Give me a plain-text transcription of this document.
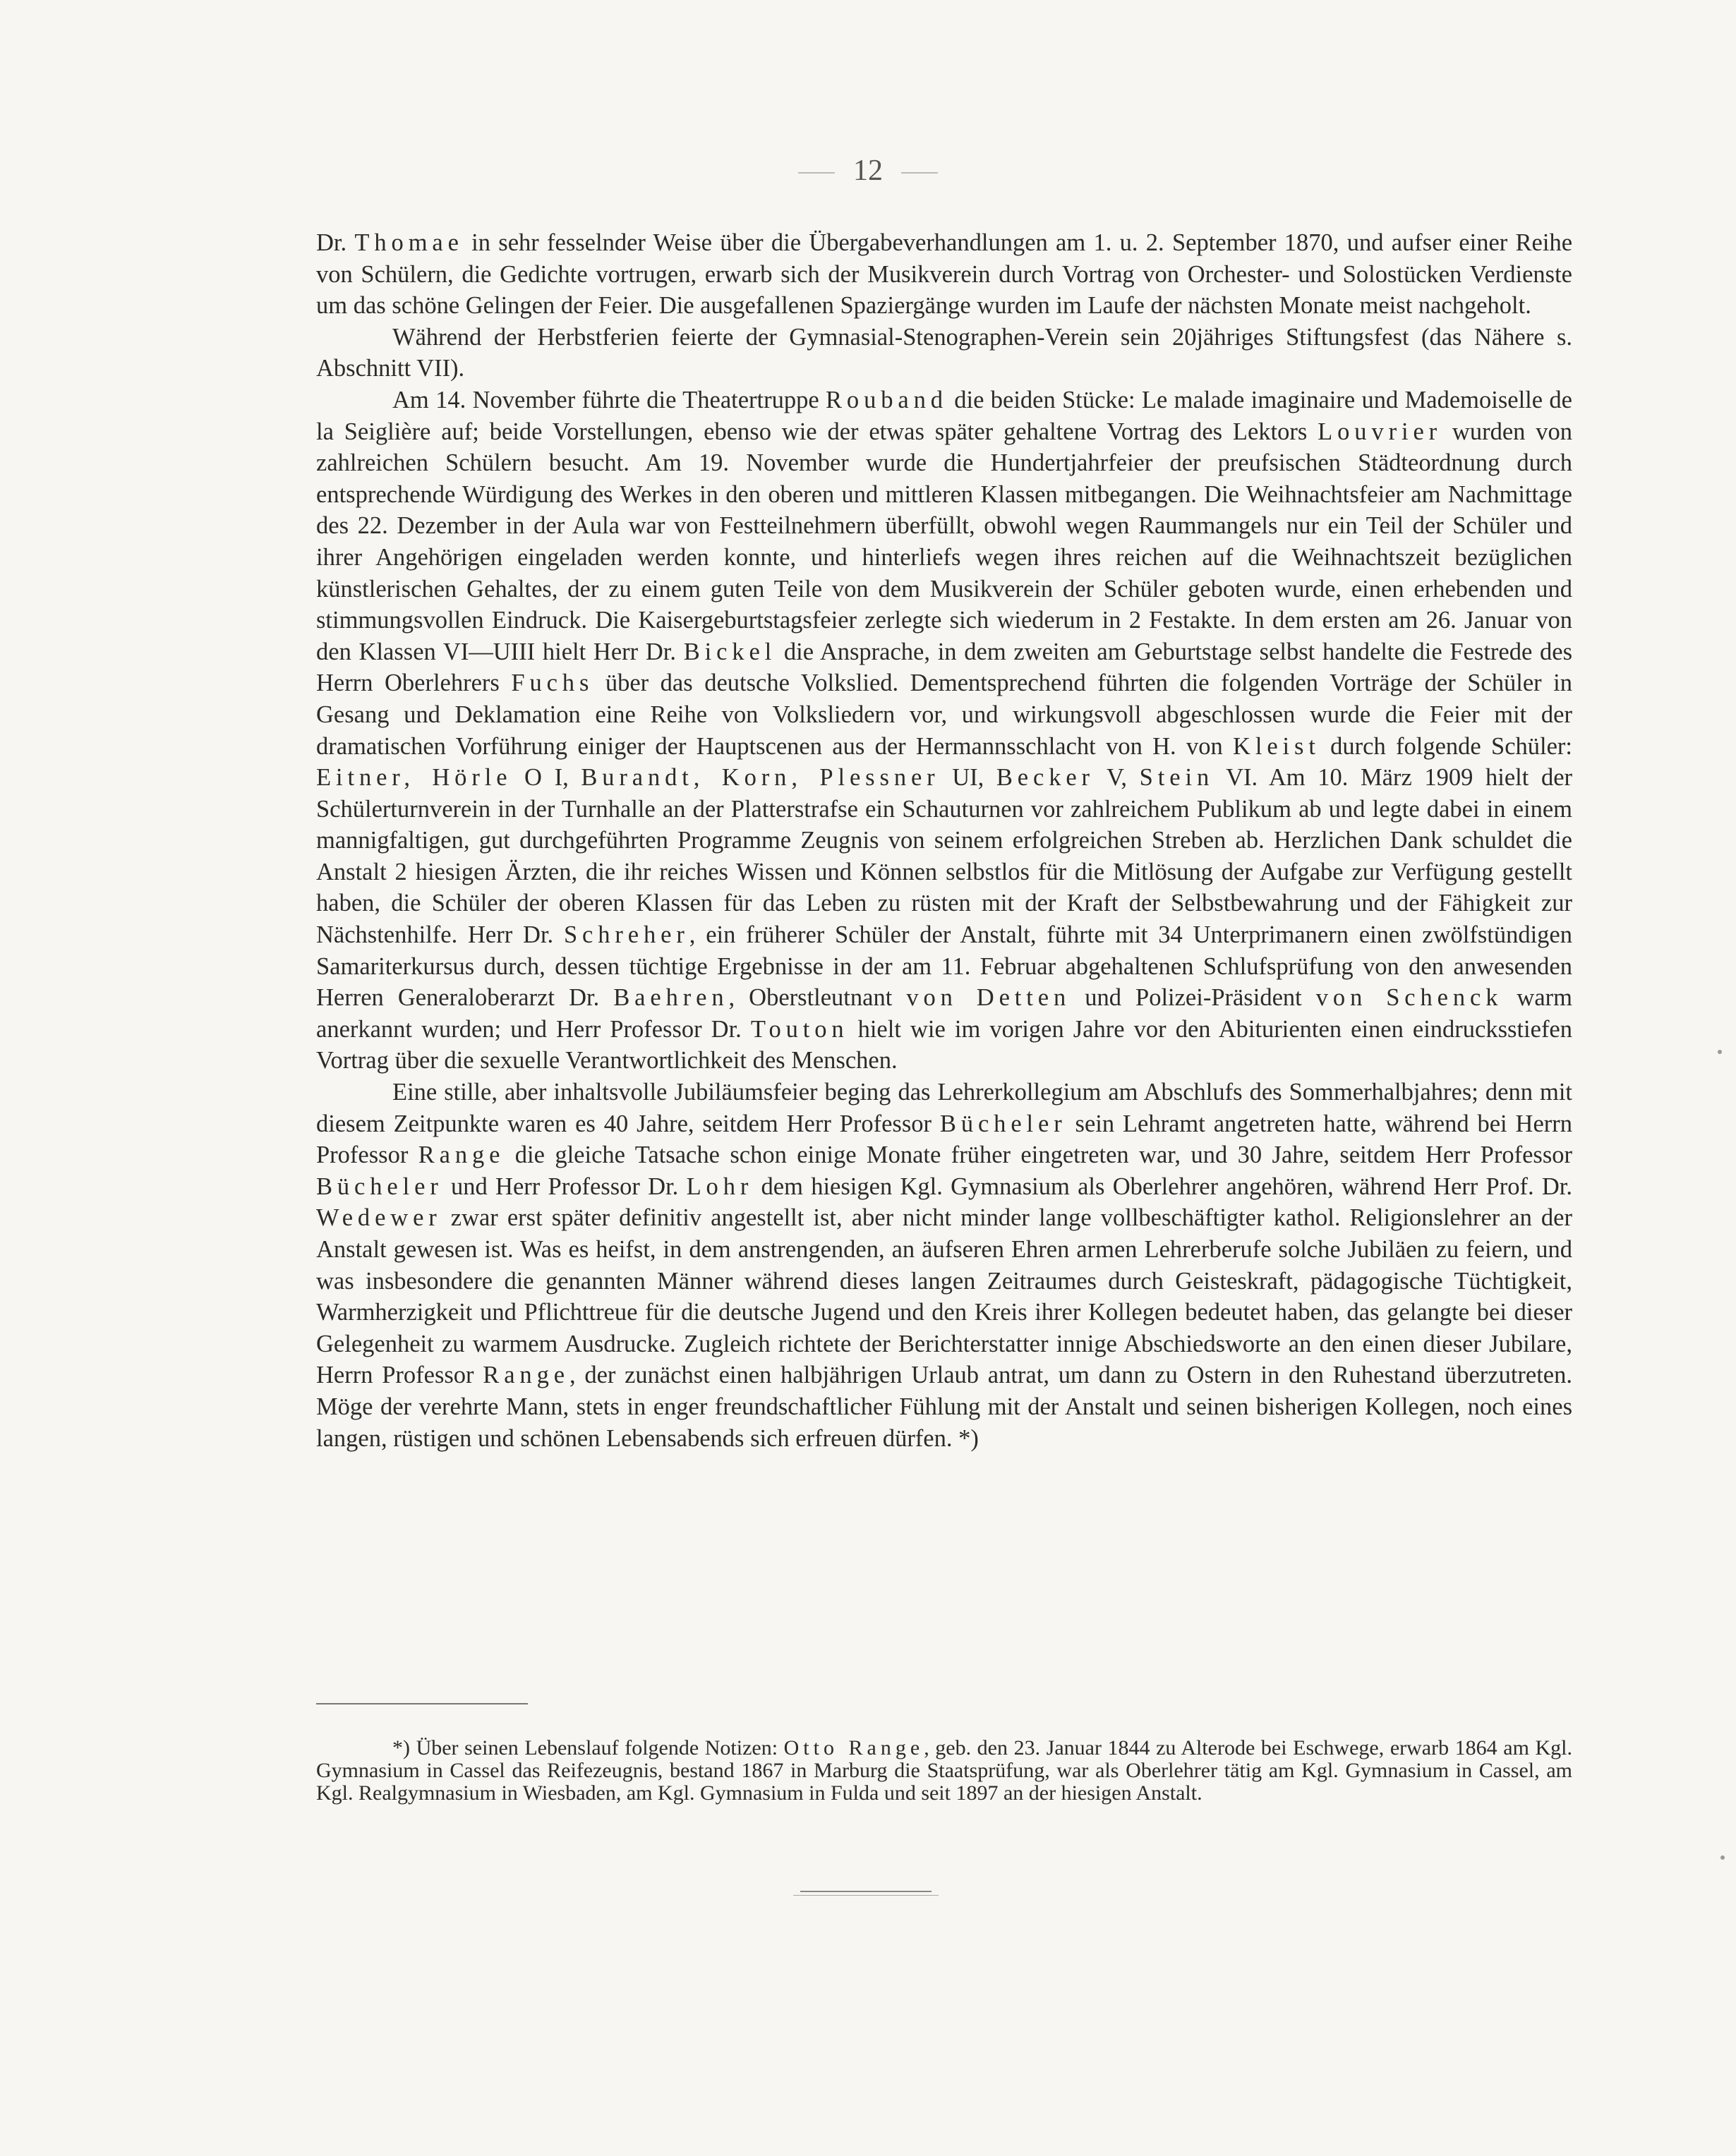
12

Dr. Thomae in sehr fesselnder Weise über die Übergabeverhandlungen am 1. u. 2. September 1870, und aufser einer Reihe von Schülern, die Gedichte vortrugen, erwarb sich der Musikverein durch Vortrag von Orchester- und Solostücken Verdienste um das schöne Gelingen der Feier. Die ausgefallenen Spaziergänge wurden im Laufe der nächsten Monate meist nachgeholt.

Während der Herbstferien feierte der Gymnasial-Stenographen-Verein sein 20jähriges Stiftungsfest (das Nähere s. Abschnitt VII).

Am 14. November führte die Theatertruppe Rouband die beiden Stücke: Le malade imaginaire und Mademoiselle de la Seiglière auf; beide Vorstellungen, ebenso wie der etwas später gehaltene Vortrag des Lektors Louvrier wurden von zahlreichen Schülern besucht. Am 19. November wurde die Hundertjahrfeier der preufsischen Städteordnung durch entsprechende Würdigung des Werkes in den oberen und mittleren Klassen mitbegangen. Die Weihnachtsfeier am Nachmittage des 22. Dezember in der Aula war von Festteilnehmern überfüllt, obwohl wegen Raummangels nur ein Teil der Schüler und ihrer Angehörigen eingeladen werden konnte, und hinterliefs wegen ihres reichen auf die Weihnachtszeit bezüglichen künstlerischen Gehaltes, der zu einem guten Teile von dem Musikverein der Schüler geboten wurde, einen erhebenden und stimmungsvollen Eindruck. Die Kaisergeburtstagsfeier zerlegte sich wiederum in 2 Festakte. In dem ersten am 26. Januar von den Klassen VI—UIII hielt Herr Dr. Bickel die Ansprache, in dem zweiten am Geburtstage selbst handelte die Festrede des Herrn Oberlehrers Fuchs über das deutsche Volkslied. Dementsprechend führten die folgenden Vorträge der Schüler in Gesang und Deklamation eine Reihe von Volksliedern vor, und wirkungsvoll abgeschlossen wurde die Feier mit der dramatischen Vorführung einiger der Hauptscenen aus der Hermannsschlacht von H. von Kleist durch folgende Schüler: Eitner, Hörle O I, Burandt, Korn, Plessner UI, Becker V, Stein VI. Am 10. März 1909 hielt der Schülerturnverein in der Turnhalle an der Platterstrafse ein Schauturnen vor zahlreichem Publikum ab und legte dabei in einem mannigfaltigen, gut durchgeführten Programme Zeugnis von seinem erfolgreichen Streben ab. Herzlichen Dank schuldet die Anstalt 2 hiesigen Ärzten, die ihr reiches Wissen und Können selbstlos für die Mitlösung der Aufgabe zur Verfügung gestellt haben, die Schüler der oberen Klassen für das Leben zu rüsten mit der Kraft der Selbstbewahrung und der Fähigkeit zur Nächstenhilfe. Herr Dr. Schreher, ein früherer Schüler der Anstalt, führte mit 34 Unterprimanern einen zwölfstündigen Samariterkursus durch, dessen tüchtige Ergebnisse in der am 11. Februar abgehaltenen Schlufsprüfung von den anwesenden Herren Generaloberarzt Dr. Baehren, Oberstleutnant von Detten und Polizei-Präsident von Schenck warm anerkannt wurden; und Herr Professor Dr. Touton hielt wie im vorigen Jahre vor den Abiturienten einen eindrucksstiefen Vortrag über die sexuelle Verantwortlichkeit des Menschen.

Eine stille, aber inhaltsvolle Jubiläumsfeier beging das Lehrerkollegium am Abschlufs des Sommerhalbjahres; denn mit diesem Zeitpunkte waren es 40 Jahre, seitdem Herr Professor Bücheler sein Lehramt angetreten hatte, während bei Herrn Professor Range die gleiche Tatsache schon einige Monate früher eingetreten war, und 30 Jahre, seitdem Herr Professor Bücheler und Herr Professor Dr. Lohr dem hiesigen Kgl. Gymnasium als Oberlehrer angehören, während Herr Prof. Dr. Wedewer zwar erst später definitiv angestellt ist, aber nicht minder lange vollbeschäftigter kathol. Religionslehrer an der Anstalt gewesen ist. Was es heifst, in dem anstrengenden, an äufseren Ehren armen Lehrerberufe solche Jubiläen zu feiern, und was insbesondere die genannten Männer während dieses langen Zeitraumes durch Geisteskraft, pädagogische Tüchtigkeit, Warmherzigkeit und Pflichttreue für die deutsche Jugend und den Kreis ihrer Kollegen bedeutet haben, das gelangte bei dieser Gelegenheit zu warmem Ausdrucke. Zugleich richtete der Berichterstatter innige Abschiedsworte an den einen dieser Jubilare, Herrn Professor Range, der zunächst einen halbjährigen Urlaub antrat, um dann zu Ostern in den Ruhestand überzutreten. Möge der verehrte Mann, stets in enger freundschaftlicher Fühlung mit der Anstalt und seinen bisherigen Kollegen, noch eines langen, rüstigen und schönen Lebensabends sich erfreuen dürfen. *)

*) Über seinen Lebenslauf folgende Notizen: Otto Range, geb. den 23. Januar 1844 zu Alterode bei Eschwege, erwarb 1864 am Kgl. Gymnasium in Cassel das Reifezeugnis, bestand 1867 in Marburg die Staatsprüfung, war als Oberlehrer tätig am Kgl. Gymnasium in Cassel, am Kgl. Realgymnasium in Wiesbaden, am Kgl. Gymnasium in Fulda und seit 1897 an der hiesigen Anstalt.
